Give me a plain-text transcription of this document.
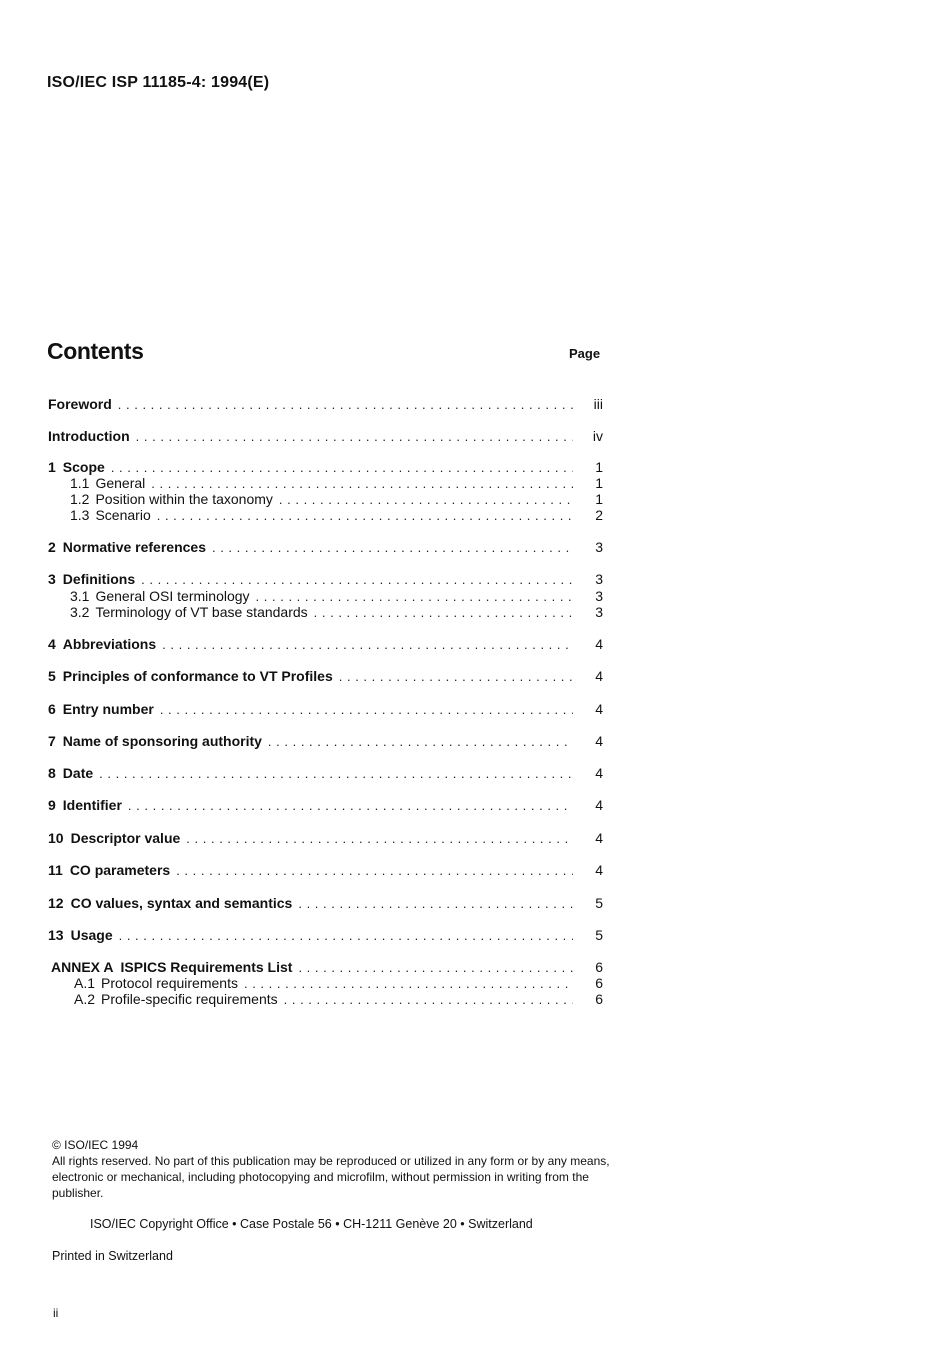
ISO/IEC ISP 11185-4: 1994(E)
Contents	Page
Foreword . . .	iii
Introduction . . .	iv
1 Scope . . .	1
1.1 General . . .	1
1.2 Position within the taxonomy . . .	1
1.3 Scenario . . .	2
2 Normative references . . .	3
3 Definitions . . .	3
3.1 General OSI terminology . . .	3
3.2 Terminology of VT base standards . . .	3
4 Abbreviations . . .	4
5 Principles of conformance to VT Profiles . . .	4
6 Entry number . . .	4
7 Name of sponsoring authority . . .	4
8 Date . . .	4
9 Identifier . . .	4
10 Descriptor value . . .	4
11 CO parameters . . .	4
12 CO values, syntax and semantics . . .	5
13 Usage . . .	5
ANNEX A ISPICS Requirements List . . .	6
A.1 Protocol requirements . . .	6
A.2 Profile-specific requirements . . .	6

© ISO/IEC 1994

All rights reserved. No part of this publication may be reproduced or utilized in any form or by any means, electronic or mechanical, including photocopying and microfilm, without permission in writing from the publisher.

ISO/IEC Copyright Office • Case Postale 56 • CH-1211 Genève 20 • Switzerland
Printed in Switzerland
ii
